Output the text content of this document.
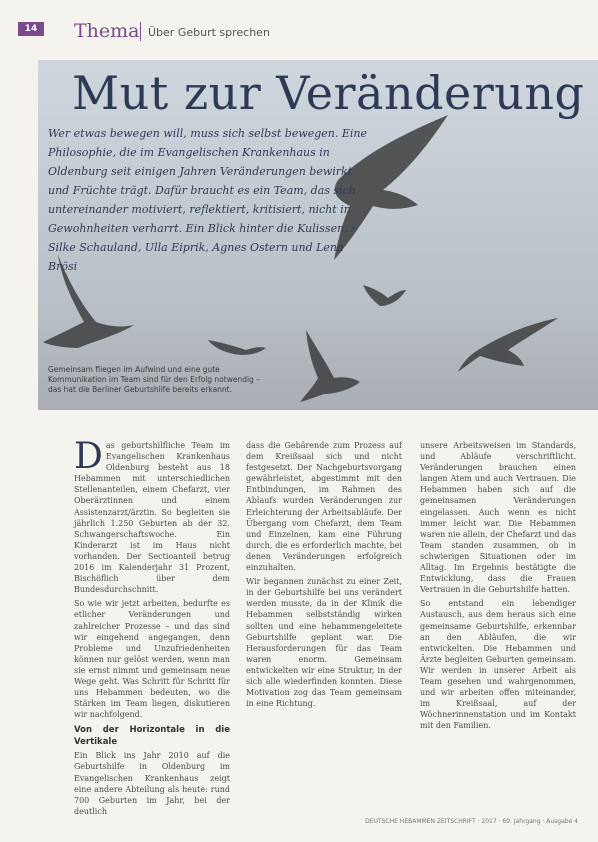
14	Thema Über Geburt sprechen
Mut zur Veränderung
Wer etwas bewegen will, muss sich selbst bewegen. Eine Philosophie, die im Evangelischen Krankenhaus in Oldenburg seit einigen Jahren Veränderungen bewirkt und Früchte trägt. Dafür braucht es ein Team, das sich untereinander motiviert, reflektiert, kritisiert, nicht in Gewohnheiten verharrt. Ein Blick hinter die Kulissen. › Silke Schauland, Ulla Eiprik, Agnes Ostern und Lena Brösi
Gemeinsam fliegen im Aufwind und eine gute Kommunikation im Team sind für den Erfolg notwendig – das hat die Berliner Geburtshilfe bereits erkannt.

Das geburtshilfliche Team im Evangelischen Krankenhaus Oldenburg besteht aus 18 Hebammen mit unterschiedlichen Stellenanteilen, einem Chefarzt, vier Oberärztinnen und einem Assistenzarzt/ärztin. So begleiten sie jährlich 1.250 Geburten ab der 32. Schwangerschaftswoche. Ein Kinderarzt ist im Haus nicht vorhanden. Der Sectioanteil betrug 2016 im Kalenderjahr 31 Prozent, Bischöflich über dem Bundesdurchschnitt.

So wie wir jetzt arbeiten, bedurfte es etlicher Veränderungen und zahlreicher Prozesse – und das sind wir eingehend angegangen, denn Probleme und Unzufriedenheiten können nur gelöst werden, wenn man sie ernst nimmt und gemeinsam neue Wege geht. Was Schritt für Schritt für uns Hebammen bedeuten, wo die Stärken im Team liegen, diskutieren wir nachfolgend.

Von der Horizontale in die Vertikale

Ein Blick ins Jahr 2010 auf die Geburtshilfe in Oldenburg im Evangelischen Krankenhaus zeigt eine andere Abteilung als heute: rund 700 Geburten im Jahr, bei der deutlich

dass die Gebärende zum Prozess auf dem Kreißsaal sich und nicht festgesetzt. Der Nachgeburtsvorgang gewährleistet, abgestimmt mit den Entbindungen, im Rahmen des Ablaufs wurden Veränderungen zur Erleichterung der Arbeitsabläufe. Der Übergang vom Chefarzt, dem Team und Einzelnen, kam eine Führung durch, die es erforderlich machte, bei denen Veränderungen erfolgreich einzuhalten.

Wir begannen zunächst zu einer Zeit, in der Geburtshilfe bei uns verändert werden musste, da in der Klinik die Hebammen selbstständig wirken sollten und eine hebammengeleitete Geburtshilfe geplant war. Die Herausforderungen für das Team waren enorm. Gemeinsam entwickelten wir eine Struktur, in der sich alle wiederfinden konnten. Diese Motivation zog das Team gemeinsam in eine Richtung.

unsere Arbeitsweisen im Standards, und Abläufe verschriftlicht. Veränderungen brauchen einen langen Atem und auch Vertrauen. Die Hebammen haben sich auf die gemeinsamen Veränderungen eingelassen. Auch wenn es nicht immer leicht war. Die Hebammen waren nie allein, der Chefarzt und das Team standen zusammen, ob in schwierigen Situationen oder im Alltag. Im Ergebnis bestätigte die Entwicklung, dass die Frauen Vertrauen in die Geburtshilfe hatten.

So entstand ein lebendiger Austausch, aus dem heraus sich eine gemeinsame Geburtshilfe, erkennbar an den Abläufen, die wir entwickelten. Die Hebammen und Ärzte begleiten Geburten gemeinsam. Wir werden in unserer Arbeit als Team gesehen und wahrgenommen, und wir arbeiten offen miteinander, im Kreißsaal, auf der Wöchnerinnenstation und im Kontakt mit den Familien.

DEUTSCHE HEBAMMEN ZEITSCHRIFT · 2017 · 69. Jahrgang · Ausgabe 4
